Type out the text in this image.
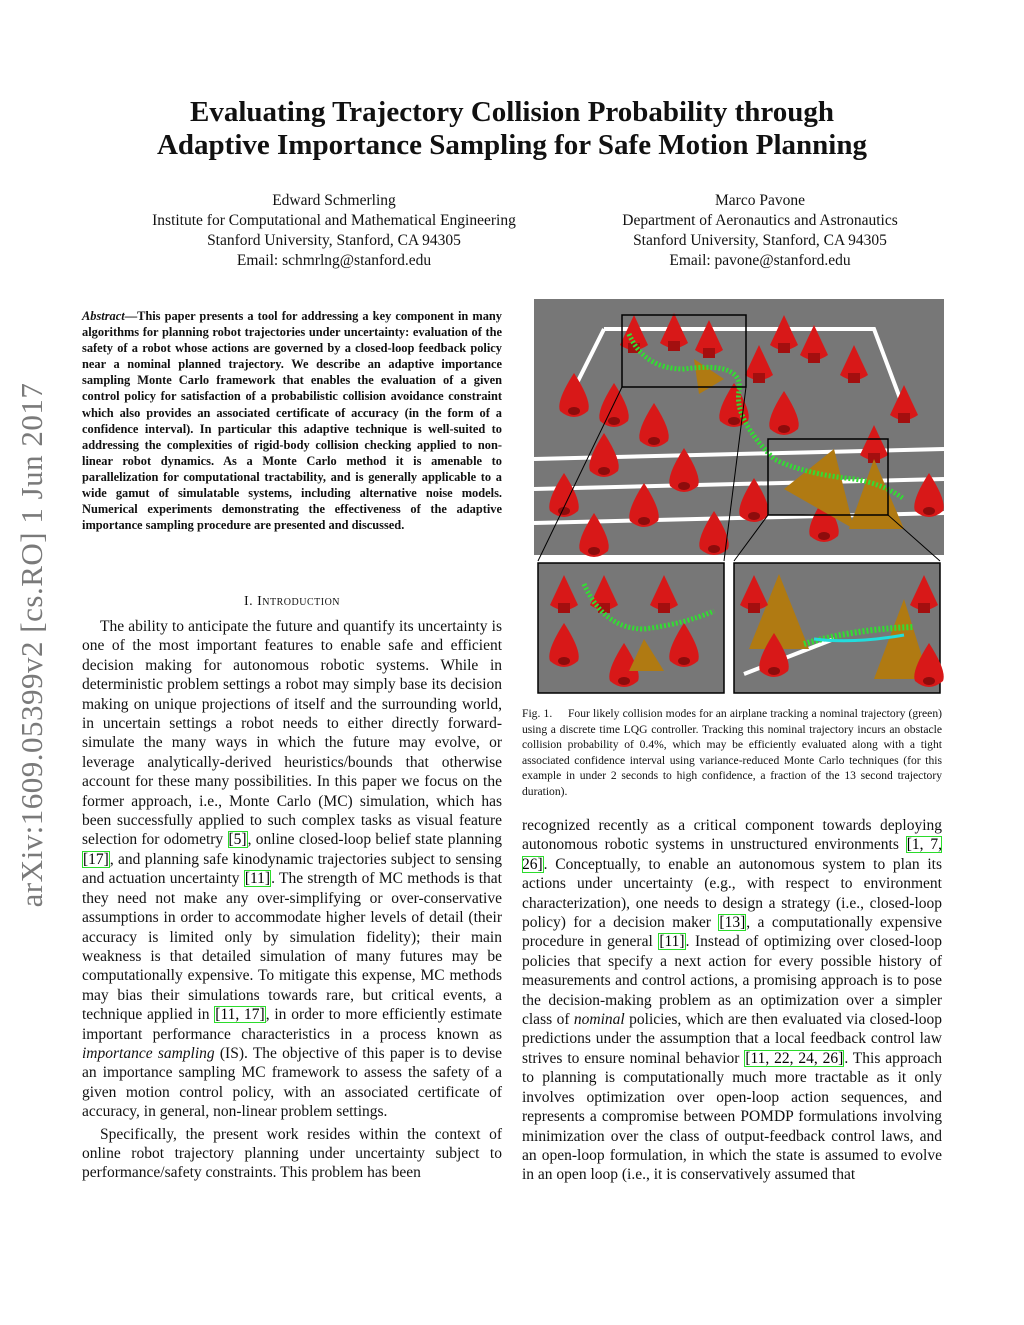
arXiv:1609.05399v2 [cs.RO] 1 Jun 2017
Evaluating Trajectory Collision Probability through
Adaptive Importance Sampling for Safe Motion Planning
Edward Schmerling
Institute for Computational and Mathematical Engineering
Stanford University, Stanford, CA 94305
Email: schmrlng@stanford.edu
Marco Pavone
Department of Aeronautics and Astronautics
Stanford University, Stanford, CA 94305
Email: pavone@stanford.edu
Abstract—This paper presents a tool for addressing a key component in many algorithms for planning robot trajectories under uncertainty: evaluation of the safety of a robot whose actions are governed by a closed-loop feedback policy near a nominal planned trajectory. We describe an adaptive importance sampling Monte Carlo framework that enables the evaluation of a given control policy for satisfaction of a probabilistic collision avoidance constraint which also provides an associated certificate of accuracy (in the form of a confidence interval). In particular this adaptive technique is well-suited to addressing the complexities of rigid-body collision checking applied to non-linear robot dynamics. As a Monte Carlo method it is amenable to parallelization for computational tractability, and is generally applicable to a wide gamut of simulatable systems, including alternative noise models. Numerical experiments demonstrating the effectiveness of the adaptive importance sampling procedure are presented and discussed.
I. Introduction

The ability to anticipate the future and quantify its uncertainty is one of the most important features to enable safe and efficient decision making for autonomous robotic systems. While in deterministic problem settings a robot may simply base its decision making on unique projections of itself and the surrounding world, in uncertain settings a robot needs to either directly forward-simulate the many ways in which the future may evolve, or leverage analytically-derived heuristics/bounds that otherwise account for these many possibilities. In this paper we focus on the former approach, i.e., Monte Carlo (MC) simulation, which has been successfully applied to such complex tasks as visual feature selection for odometry [5], online closed-loop belief state planning [17], and planning safe kinodynamic trajectories subject to sensing and actuation uncertainty [11]. The strength of MC methods is that they need not make any over-simplifying or over-conservative assumptions in order to accommodate higher levels of detail (their accuracy is limited only by simulation fidelity); their main weakness is that detailed simulation of many futures may be computationally expensive. To mitigate this expense, MC methods may bias their simulations towards rare, but critical events, a technique applied in [11, 17], in order to more efficiently estimate important performance characteristics in a process known as importance sampling (IS). The objective of this paper is to devise an importance sampling MC framework to assess the safety of a given motion control policy, with an associated certificate of accuracy, in general, non-linear problem settings.

Specifically, the present work resides within the context of online robot trajectory planning under uncertainty subject to performance/safety constraints. This problem has been

Fig. 1. Four likely collision modes for an airplane tracking a nominal trajectory (green) using a discrete time LQG controller. Tracking this nominal trajectory incurs an obstacle collision probability of 0.4%, which may be efficiently evaluated along with a tight associated confidence interval using variance-reduced Monte Carlo techniques (for this example in under 2 seconds to high confidence, a fraction of the 13 second trajectory duration).

recognized recently as a critical component towards deploying autonomous robotic systems in unstructured environments [1, 7, 26]. Conceptually, to enable an autonomous system to plan its actions under uncertainty (e.g., with respect to environment characterization), one needs to design a strategy (i.e., closed-loop policy) for a decision maker [13], a computationally expensive procedure in general [11]. Instead of optimizing over closed-loop policies that specify a next action for every possible history of measurements and control actions, a promising approach is to pose the decision-making problem as an optimization over a simpler class of nominal policies, which are then evaluated via closed-loop predictions under the assumption that a local feedback control law strives to ensure nominal behavior [11, 22, 24, 26]. This approach to planning is computationally much more tractable as it only involves optimization over open-loop action sequences, and represents a compromise between POMDP formulations involving minimization over the class of output-feedback control laws, and an open-loop formulation, in which the state is assumed to evolve in an open loop (i.e., it is conservatively assumed that
